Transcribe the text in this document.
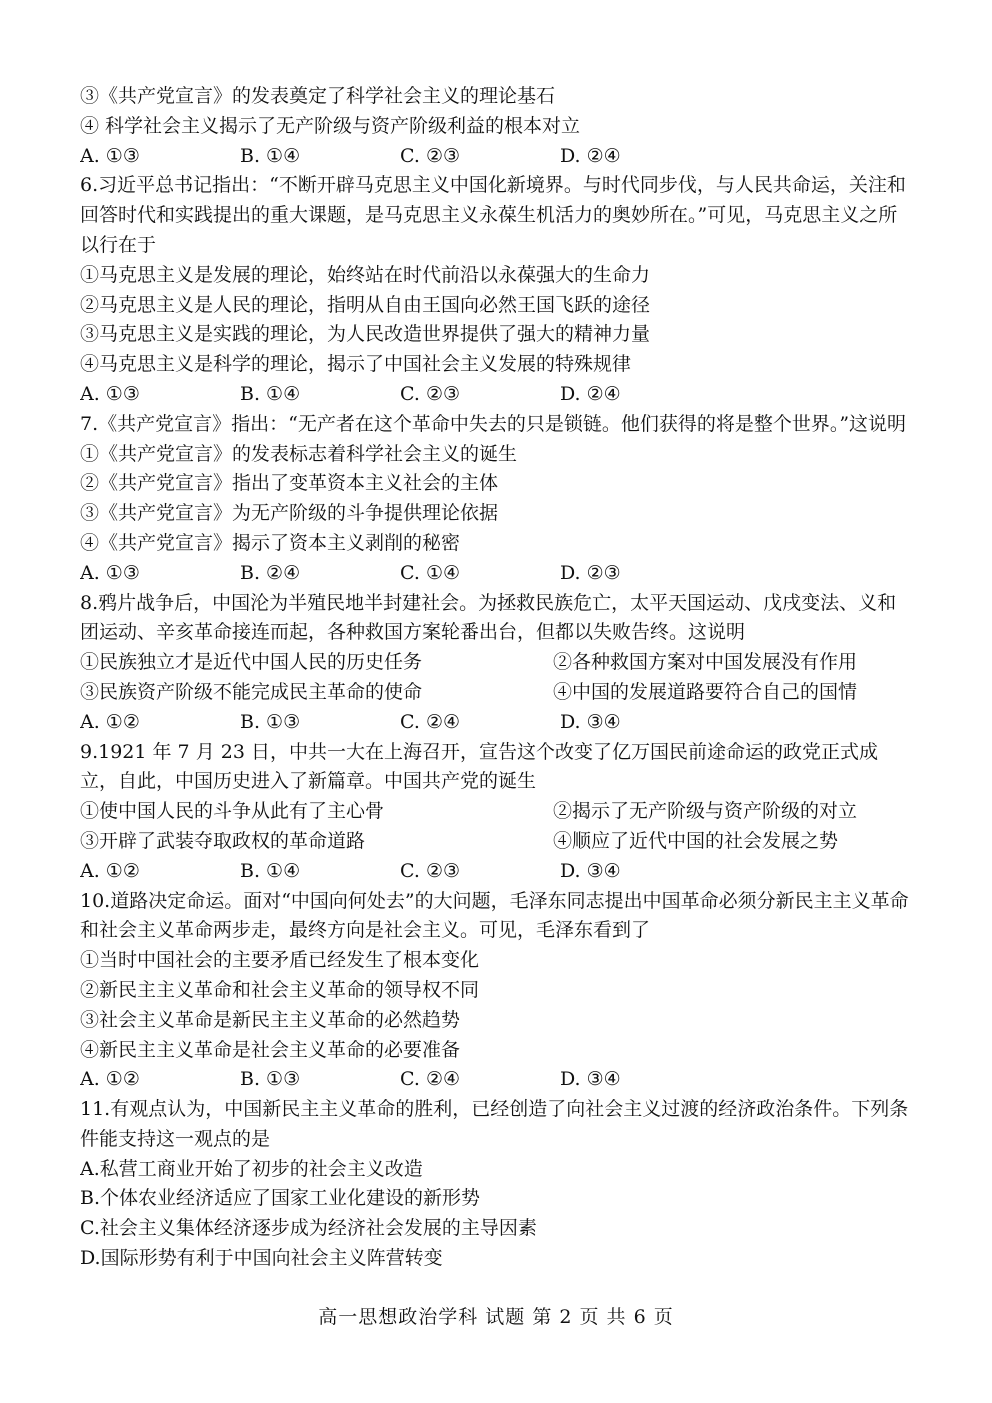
③《共产党宣言》的发表奠定了科学社会主义的理论基石
④ 科学社会主义揭示了无产阶级与资产阶级利益的根本对立
A. ①③	B. ①④	C. ②③	D. ②④
6.习近平总书记指出：“不断开辟马克思主义中国化新境界。与时代同步伐，与人民共命运，关注和回答时代和实践提出的重大课题，是马克思主义永葆生机活力的奥妙所在。”可见，马克思主义之所以行在于
①马克思主义是发展的理论，始终站在时代前沿以永葆强大的生命力
②马克思主义是人民的理论，指明从自由王国向必然王国飞跃的途径
③马克思主义是实践的理论，为人民改造世界提供了强大的精神力量
④马克思主义是科学的理论，揭示了中国社会主义发展的特殊规律
A. ①③	B. ①④	C. ②③	D. ②④
7.《共产党宣言》指出：“无产者在这个革命中失去的只是锁链。他们获得的将是整个世界。”这说明
①《共产党宣言》的发表标志着科学社会主义的诞生
②《共产党宣言》指出了变革资本主义社会的主体
③《共产党宣言》为无产阶级的斗争提供理论依据
④《共产党宣言》揭示了资本主义剥削的秘密
A. ①③	B. ②④	C. ①④	D. ②③
8.鸦片战争后，中国沦为半殖民地半封建社会。为拯救民族危亡，太平天国运动、戊戌变法、义和团运动、辛亥革命接连而起，各种救国方案轮番出台，但都以失败告终。这说明
①民族独立才是近代中国人民的历史任务	②各种救国方案对中国发展没有作用
③民族资产阶级不能完成民主革命的使命	④中国的发展道路要符合自己的国情
A. ①②	B. ①③	C. ②④	D. ③④
9.1921 年 7 月 23 日，中共一大在上海召开，宣告这个改变了亿万国民前途命运的政党正式成立，自此，中国历史进入了新篇章。中国共产党的诞生
①使中国人民的斗争从此有了主心骨	②揭示了无产阶级与资产阶级的对立
③开辟了武装夺取政权的革命道路	④顺应了近代中国的社会发展之势
A. ①②	B. ①④	C. ②③	D. ③④
10.道路决定命运。面对“中国向何处去”的大问题，毛泽东同志提出中国革命必须分新民主主义革命和社会主义革命两步走，最终方向是社会主义。可见，毛泽东看到了
①当时中国社会的主要矛盾已经发生了根本变化
②新民主主义革命和社会主义革命的领导权不同
③社会主义革命是新民主主义革命的必然趋势
④新民主主义革命是社会主义革命的必要准备
A. ①②	B. ①③	C. ②④	D. ③④
11.有观点认为，中国新民主主义革命的胜利，已经创造了向社会主义过渡的经济政治条件。下列条件能支持这一观点的是
A.私营工商业开始了初步的社会主义改造
B.个体农业经济适应了国家工业化建设的新形势
C.社会主义集体经济逐步成为经济社会发展的主导因素
D.国际形势有利于中国向社会主义阵营转变
高一思想政治学科 试题 第 2 页 共 6 页
